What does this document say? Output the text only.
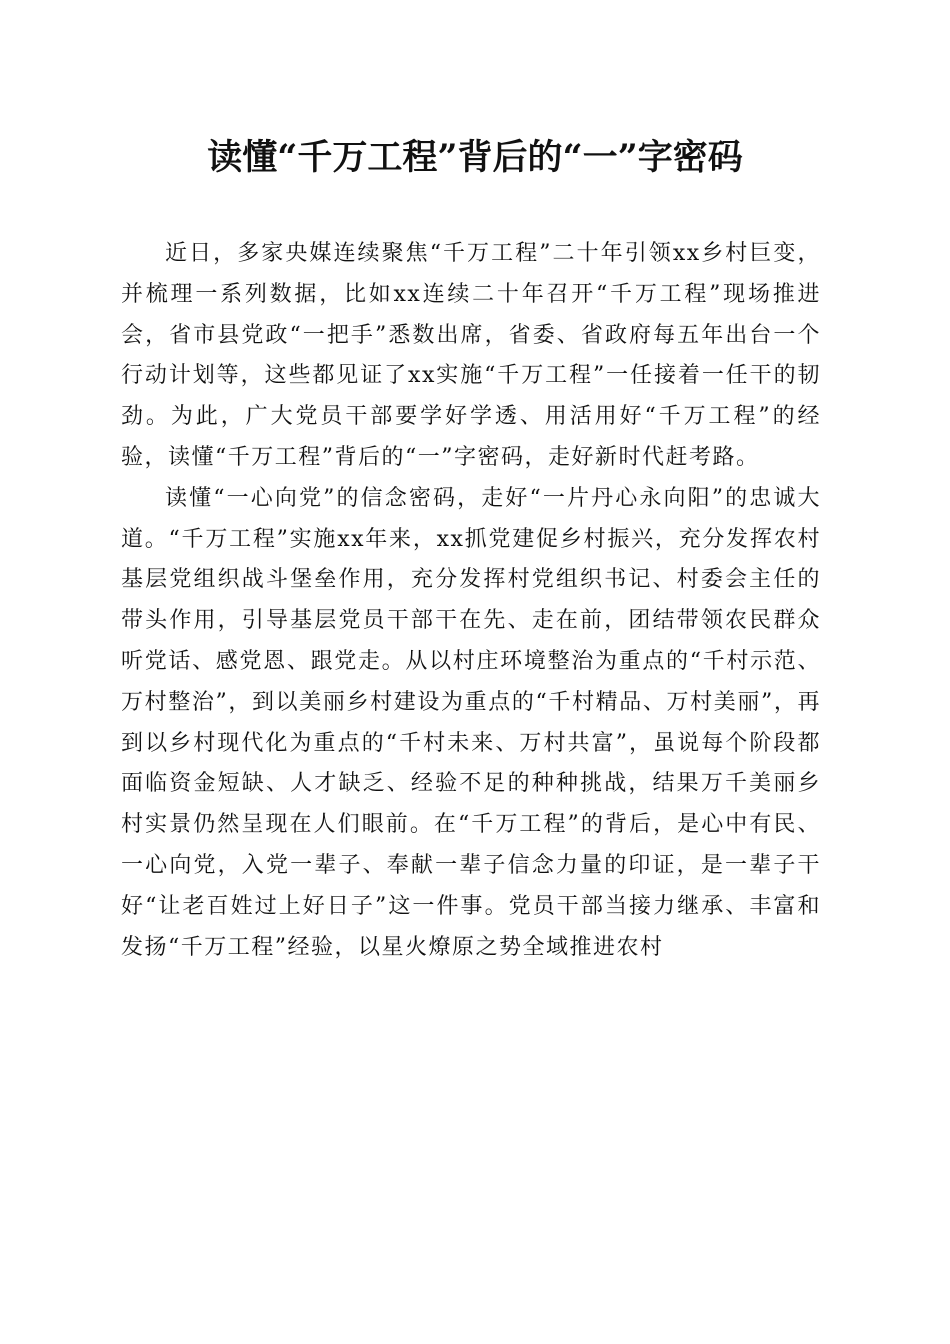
读懂“千万工程”背后的“一”字密码

近日，多家央媒连续聚焦“千万工程”二十年引领xx乡村巨变，并梳理一系列数据，比如xx连续二十年召开“千万工程”现场推进会，省市县党政“一把手”悉数出席，省委、省政府每五年出台一个行动计划等，这些都见证了xx实施“千万工程”一任接着一任干的韧劲。为此，广大党员干部要学好学透、用活用好“千万工程”的经验，读懂“千万工程”背后的“一”字密码，走好新时代赶考路。

读懂“一心向党”的信念密码，走好“一片丹心永向阳”的忠诚大道。“千万工程”实施xx年来，xx抓党建促乡村振兴，充分发挥农村基层党组织战斗堡垒作用，充分发挥村党组织书记、村委会主任的带头作用，引导基层党员干部干在先、走在前，团结带领农民群众听党话、感党恩、跟党走。从以村庄环境整治为重点的“千村示范、万村整治”，到以美丽乡村建设为重点的“千村精品、万村美丽”，再到以乡村现代化为重点的“千村未来、万村共富”，虽说每个阶段都面临资金短缺、人才缺乏、经验不足的种种挑战，结果万千美丽乡村实景仍然呈现在人们眼前。在“千万工程”的背后，是心中有民、一心向党，入党一辈子、奉献一辈子信念力量的印证，是一辈子干好“让老百姓过上好日子”这一件事。党员干部当接力继承、丰富和发扬“千万工程”经验，以星火燎原之势全域推进农村
